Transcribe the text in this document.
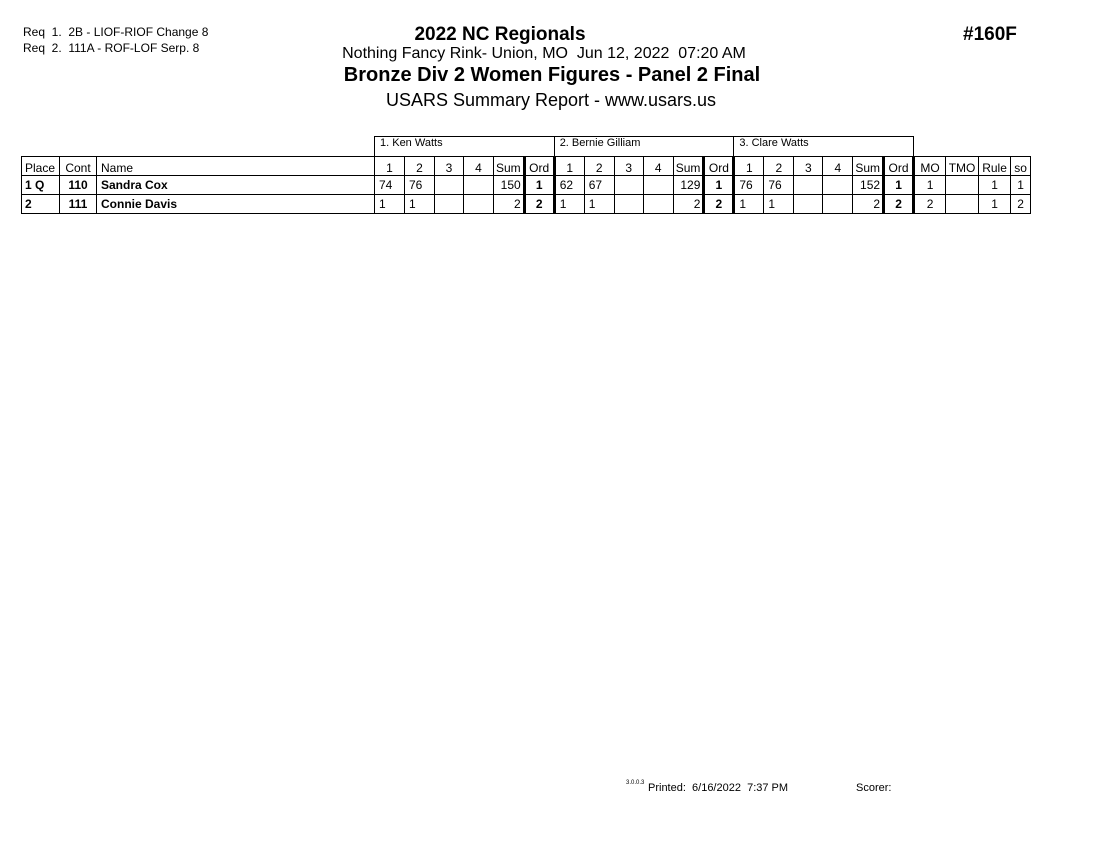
Req  1.  2B - LIOF-RIOF Change 8
Req  2.  111A - ROF-LOF Serp. 8
#160F
2022 NC Regionals
Nothing Fancy Rink- Union, MO  Jun 12, 2022  07:20 AM
Bronze Div 2 Women Figures - Panel 2 Final
USARS Summary Report - www.usars.us
			1. Ken Watts						2. Bernie Gilliam						3. Clare Watts									
Place	Cont	Name	1	2	3	4	Sum	Ord	1	2	3	4	Sum	Ord	1	2	3	4	Sum	Ord	MO	TMO	Rule	so
1 Q	110	Sandra Cox	74	76			150	1	62	67			129	1	76	76			152	1	1		1	1
2	111	Connie Davis	1	1			2	2	1	1			2	2	1	1			2	2	2		1	2
3.0.0.3 Printed:  6/16/2022  7:37 PM	Scorer:
